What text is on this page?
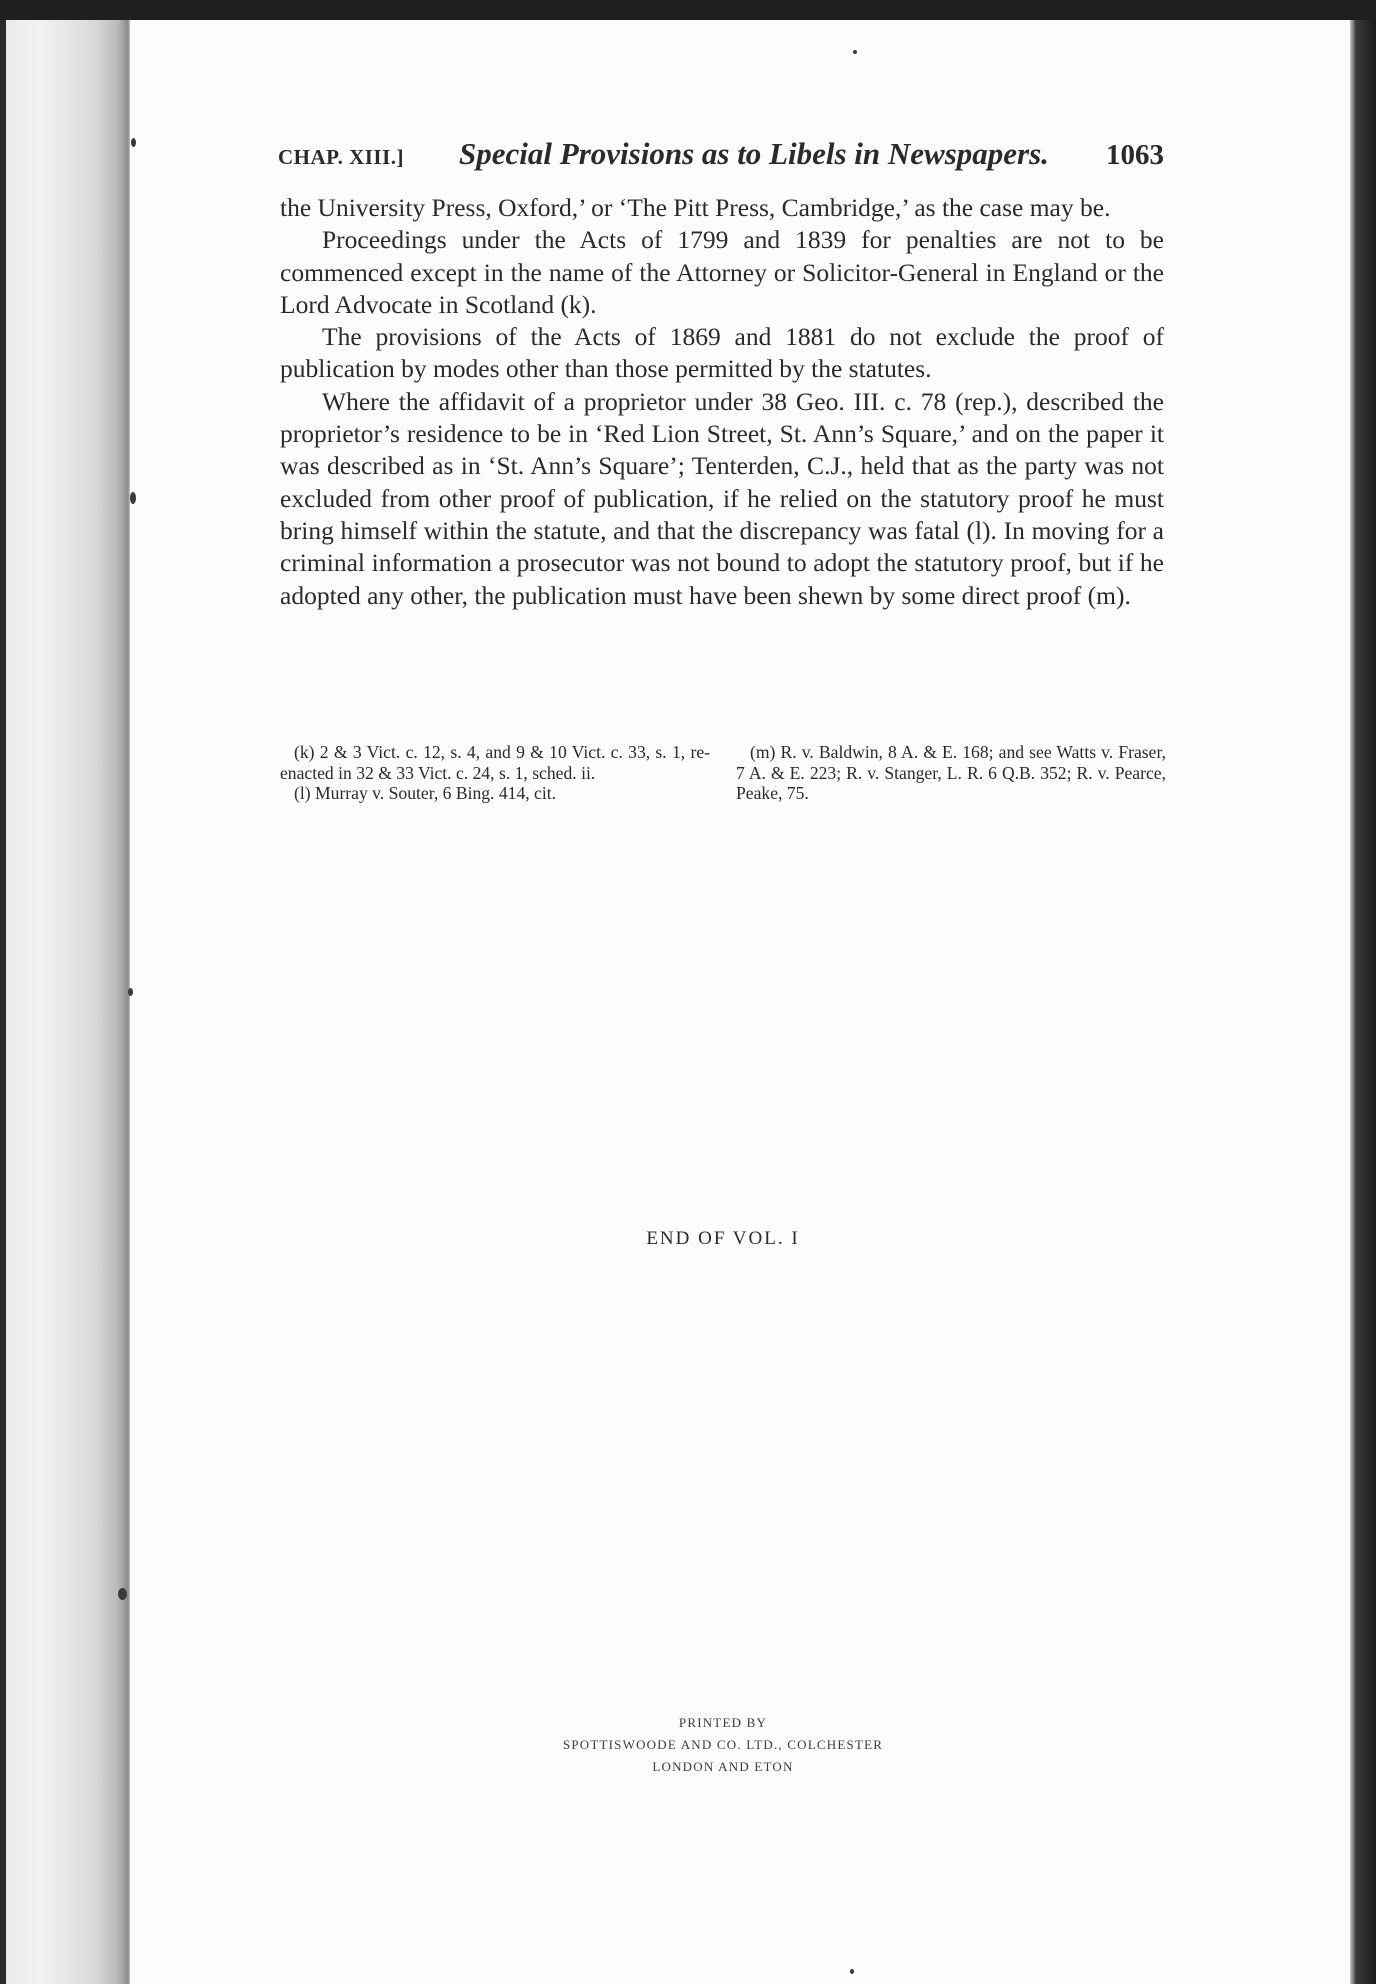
CHAP. XIII.]	Special Provisions as to Libels in Newspapers.	1063

the University Press, Oxford,’ or ‘The Pitt Press, Cambridge,’ as the case may be.

Proceedings under the Acts of 1799 and 1839 for penalties are not to be commenced except in the name of the Attorney or Solicitor-General in England or the Lord Advocate in Scotland (k).

The provisions of the Acts of 1869 and 1881 do not exclude the proof of publication by modes other than those permitted by the statutes.

Where the affidavit of a proprietor under 38 Geo. III. c. 78 (rep.), described the proprietor’s residence to be in ‘Red Lion Street, St. Ann’s Square,’ and on the paper it was described as in ‘St. Ann’s Square’; Tenterden, C.J., held that as the party was not excluded from other proof of publication, if he relied on the statutory proof he must bring himself within the statute, and that the discrepancy was fatal (l). In moving for a criminal information a prosecutor was not bound to adopt the statutory proof, but if he adopted any other, the publication must have been shewn by some direct proof (m).

(k) 2 & 3 Vict. c. 12, s. 4, and 9 & 10 Vict. c. 33, s. 1, re-enacted in 32 & 33 Vict. c. 24, s. 1, sched. ii.

(l) Murray v. Souter, 6 Bing. 414, cit.

(m) R. v. Baldwin, 8 A. & E. 168; and see Watts v. Fraser, 7 A. & E. 223; R. v. Stanger, L. R. 6 Q.B. 352; R. v. Pearce, Peake, 75.

END OF VOL. I
PRINTED BY
SPOTTISWOODE AND CO. LTD., COLCHESTER
LONDON AND ETON
